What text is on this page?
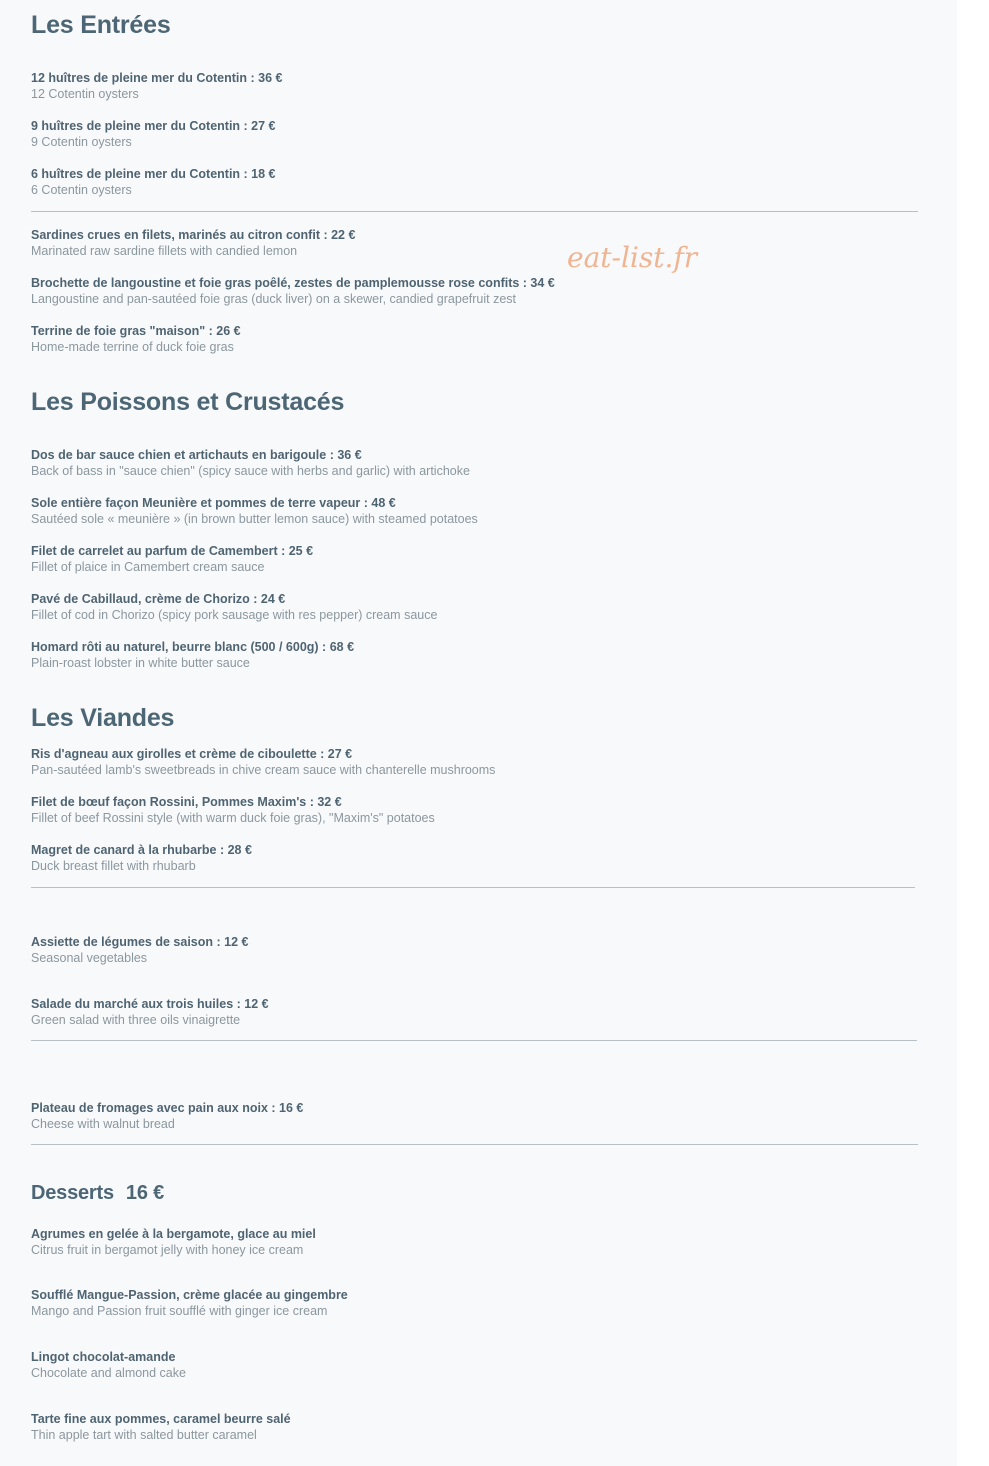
Les Entrées
12 huîtres de pleine mer du Cotentin : 36 €
12 Cotentin oysters
9 huîtres de pleine mer du Cotentin : 27 €
9 Cotentin oysters
6 huîtres de pleine mer du Cotentin : 18 €
6 Cotentin oysters
Sardines crues en filets, marinés au citron confit : 22 €
Marinated raw sardine fillets with candied lemon
Brochette de langoustine et foie gras poêlé, zestes de pamplemousse rose confits : 34 €
Langoustine and pan-sautéed foie gras (duck liver) on a skewer, candied grapefruit zest
Terrine de foie gras "maison" : 26 €
Home-made terrine of duck foie gras
eat-list.fr
Les Poissons et Crustacés
Dos de bar sauce chien et artichauts en barigoule : 36 €
Back of bass in "sauce chien" (spicy sauce with herbs and garlic) with artichoke
Sole entière façon Meunière et pommes de terre vapeur : 48 €
Sautéed sole « meunière » (in brown butter lemon sauce) with steamed potatoes
Filet de carrelet au parfum de Camembert : 25 €
Fillet of plaice in Camembert cream sauce
Pavé de Cabillaud, crème de Chorizo : 24 €
Fillet of cod in Chorizo (spicy pork sausage with res pepper) cream sauce
Homard rôti au naturel, beurre blanc (500 / 600g) : 68 €
Plain-roast lobster in white butter sauce
Les Viandes
Ris d'agneau aux girolles et crème de ciboulette : 27 €
Pan-sautéed lamb's sweetbreads in chive cream sauce with chanterelle mushrooms
Filet de bœuf façon Rossini, Pommes Maxim's : 32 €
Fillet of beef Rossini style (with warm duck foie gras), "Maxim's" potatoes
Magret de canard à la rhubarbe : 28 €
Duck breast fillet with rhubarb
Assiette de légumes de saison : 12 €
Seasonal vegetables
Salade du marché aux trois huiles : 12 €
Green salad with three oils vinaigrette
Plateau de fromages avec pain aux noix : 16 €
Cheese with walnut bread
Desserts 16 €
Agrumes en gelée à la bergamote, glace au miel
Citrus fruit in bergamot jelly with honey ice cream
Soufflé Mangue-Passion, crème glacée au gingembre
Mango and Passion fruit soufflé with ginger ice cream
Lingot chocolat-amande
Chocolate and almond cake
Tarte fine aux pommes, caramel beurre salé
Thin apple tart with salted butter caramel
